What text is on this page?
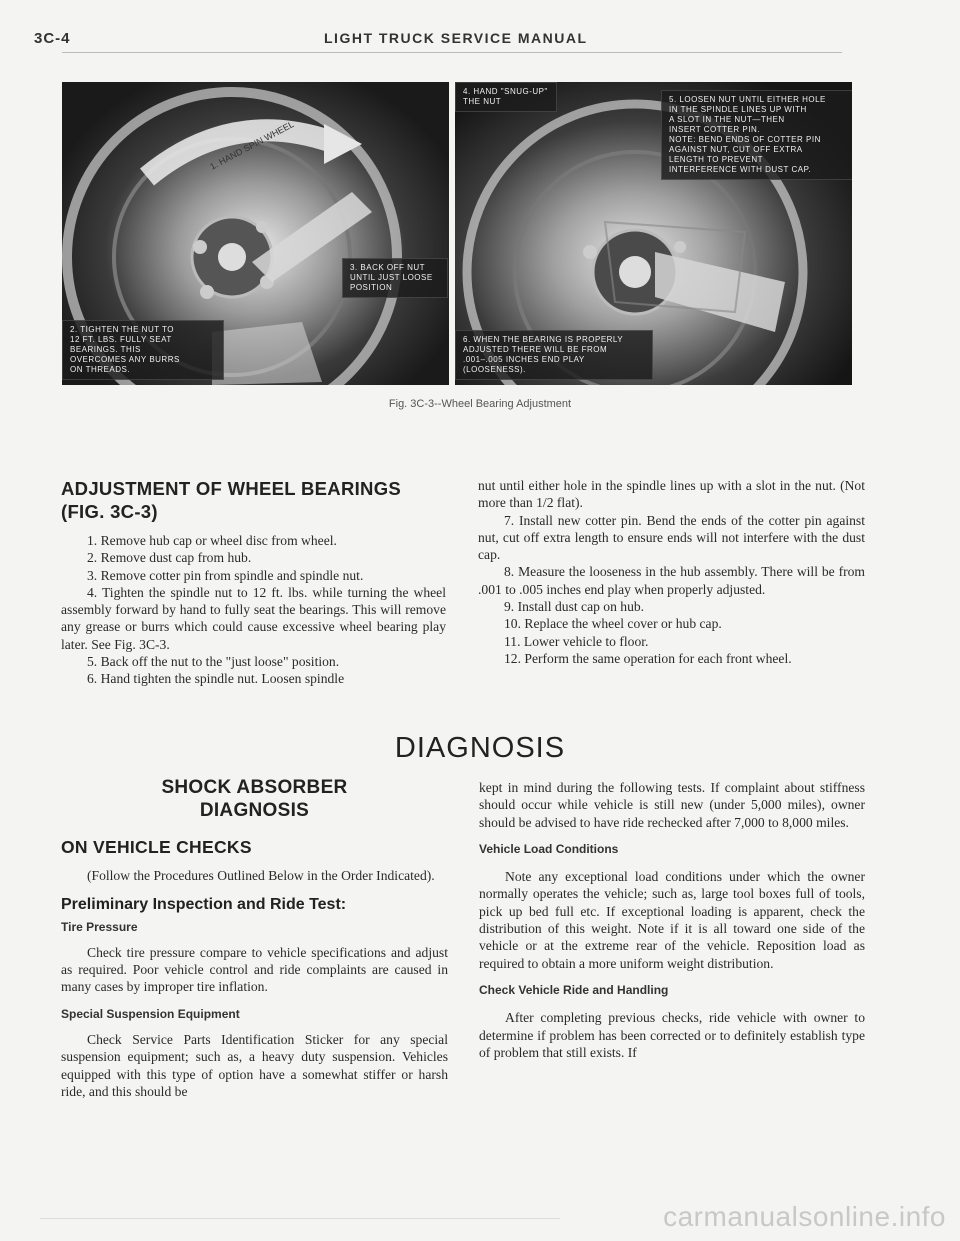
3C-4	LIGHT TRUCK SERVICE MANUAL
1. HAND SPIN WHEEL
2. TIGHTEN THE NUT TO
12 FT. LBS. FULLY SEAT
BEARINGS. THIS
OVERCOMES ANY BURRS
ON THREADS.
3. BACK OFF NUT
UNTIL JUST LOOSE
POSITION
4. HAND "SNUG-UP"
THE NUT	5. LOOSEN NUT UNTIL EITHER HOLE
IN THE SPINDLE LINES UP WITH
A SLOT IN THE NUT—THEN
INSERT COTTER PIN.
NOTE: BEND ENDS OF COTTER PIN
AGAINST NUT, CUT OFF EXTRA
LENGTH TO PREVENT
INTERFERENCE WITH DUST CAP.
6. WHEN THE BEARING IS PROPERLY
ADJUSTED THERE WILL BE FROM
.001–.005 INCHES END PLAY
(LOOSENESS).
Fig. 3C-3--Wheel Bearing Adjustment
ADJUSTMENT OF WHEEL BEARINGS
(FIG. 3C-3)

1. Remove hub cap or wheel disc from wheel.

2. Remove dust cap from hub.

3. Remove cotter pin from spindle and spindle nut.

4. Tighten the spindle nut to 12 ft. lbs. while turning the wheel assembly forward by hand to fully seat the bearings. This will remove any grease or burrs which could cause excessive wheel bearing play later. See Fig. 3C-3.

5. Back off the nut to the "just loose" position.

6. Hand tighten the spindle nut. Loosen spindle

nut until either hole in the spindle lines up with a slot in the nut. (Not more than 1/2 flat).

7. Install new cotter pin. Bend the ends of the cotter pin against nut, cut off extra length to ensure ends will not interfere with the dust cap.

8. Measure the looseness in the hub assembly. There will be from .001 to .005 inches end play when properly adjusted.

9. Install dust cap on hub.

10. Replace the wheel cover or hub cap.

11. Lower vehicle to floor.

12. Perform the same operation for each front wheel.

DIAGNOSIS
SHOCK ABSORBER
DIAGNOSIS
ON VEHICLE CHECKS

(Follow the Procedures Outlined Below in the Order Indicated).

Preliminary Inspection and Ride Test:
Tire Pressure

Check tire pressure compare to vehicle specifications and adjust as required. Poor vehicle control and ride complaints are caused in many cases by improper tire inflation.

Special Suspension Equipment

Check Service Parts Identification Sticker for any special suspension equipment; such as, a heavy duty suspension. Vehicles equipped with this type of option have a somewhat stiffer or harsh ride, and this should be

kept in mind during the following tests. If complaint about stiffness should occur while vehicle is still new (under 5,000 miles), owner should be advised to have ride rechecked after 7,000 to 8,000 miles.

Vehicle Load Conditions

Note any exceptional load conditions under which the owner normally operates the vehicle; such as, large tool boxes full of tools, pick up bed full etc. If exceptional loading is apparent, check the distribution of this weight. Note if it is all toward one side of the vehicle or at the extreme rear of the vehicle. Reposition load as required to obtain a more uniform weight distribution.

Check Vehicle Ride and Handling

After completing previous checks, ride vehicle with owner to determine if problem has been corrected or to definitely establish type of problem that still exists. If

carmanualsonline.info
